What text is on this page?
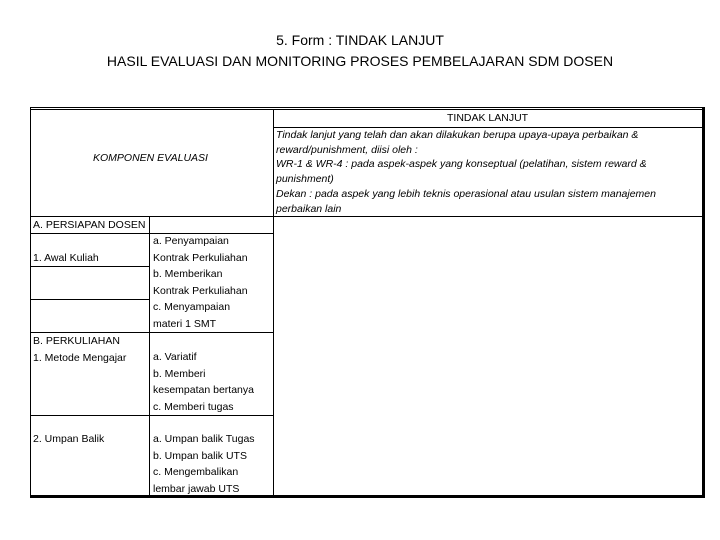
5. Form : TINDAK LANJUT
HASIL EVALUASI DAN MONITORING PROSES PEMBELAJARAN SDM DOSEN
KOMPONEN EVALUASI
TINDAK LANJUT
Tindak lanjut yang telah dan akan dilakukan berupa upaya-upaya perbaikan &
reward/punishment, diisi oleh :
WR-1 & WR-4 : pada aspek-aspek yang konseptual (pelatihan, sistem reward &
punishment)
Dekan : pada aspek yang lebih teknis operasional atau usulan sistem manajemen
perbaikan lain
A. PERSIAPAN DOSEN
1. Awal Kuliah
a. Penyampaian
Kontrak Perkuliahan
b. Memberikan
Kontrak Perkuliahan
c. Menyampaian
materi 1 SMT
B. PERKULIAHAN
1. Metode Mengajar	a. Variatif
b. Memberi
kesempatan bertanya
c. Memberi tugas
2. Umpan Balik	a. Umpan balik Tugas
b. Umpan balik UTS
c. Mengembalikan
lembar jawab UTS
